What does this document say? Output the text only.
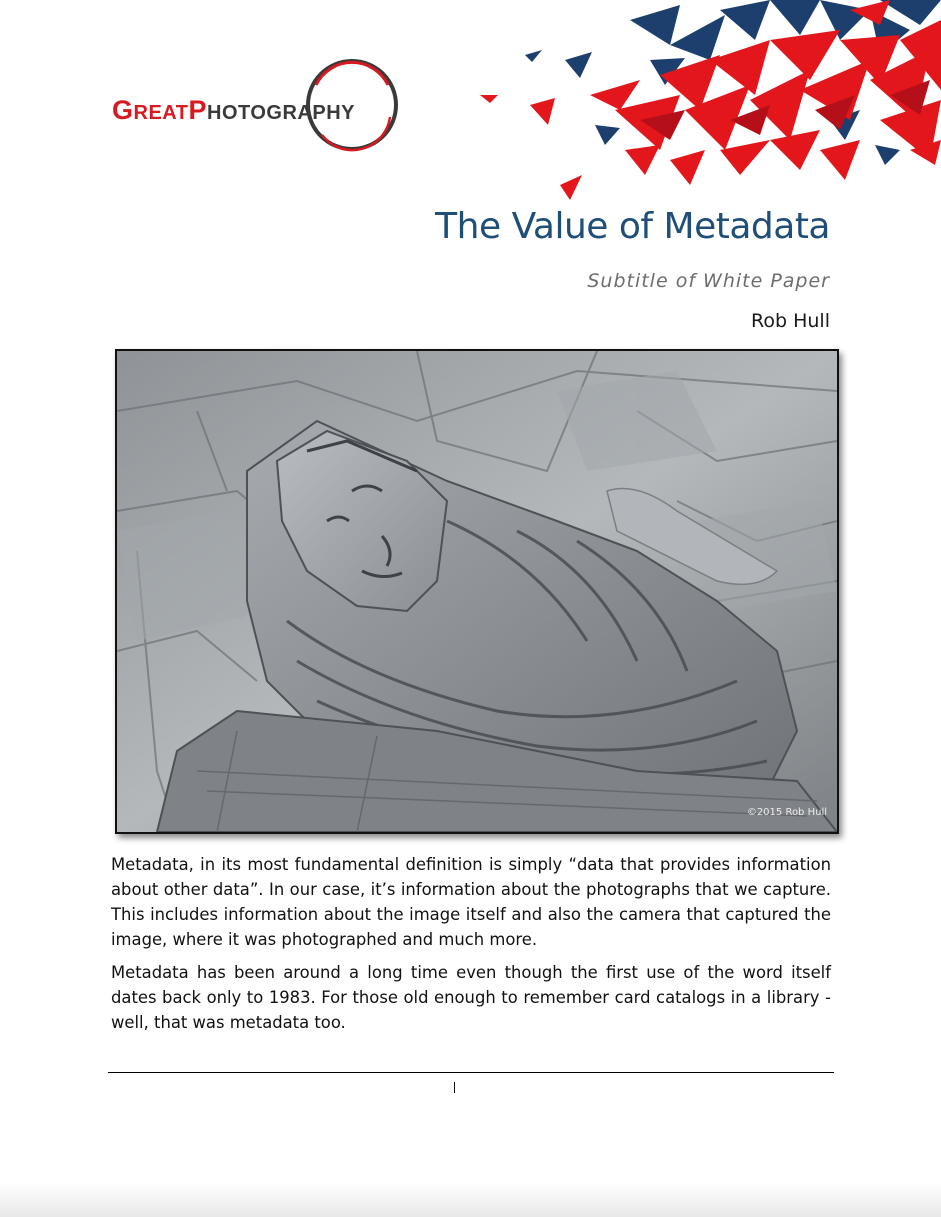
GREATPHOTOGRAPHY
The Value of Metadata
Subtitle of White Paper
Rob Hull
©2015 Rob Hull

Metadata, in its most fundamental definition is simply “data that provides information about other data”. In our case, it’s information about the photographs that we capture. This includes information about the image itself and also the camera that captured the image, where it was photographed and much more.

Metadata has been around a long time even though the first use of the word itself dates back only to 1983. For those old enough to remember card catalogs in a library - well, that was metadata too.
